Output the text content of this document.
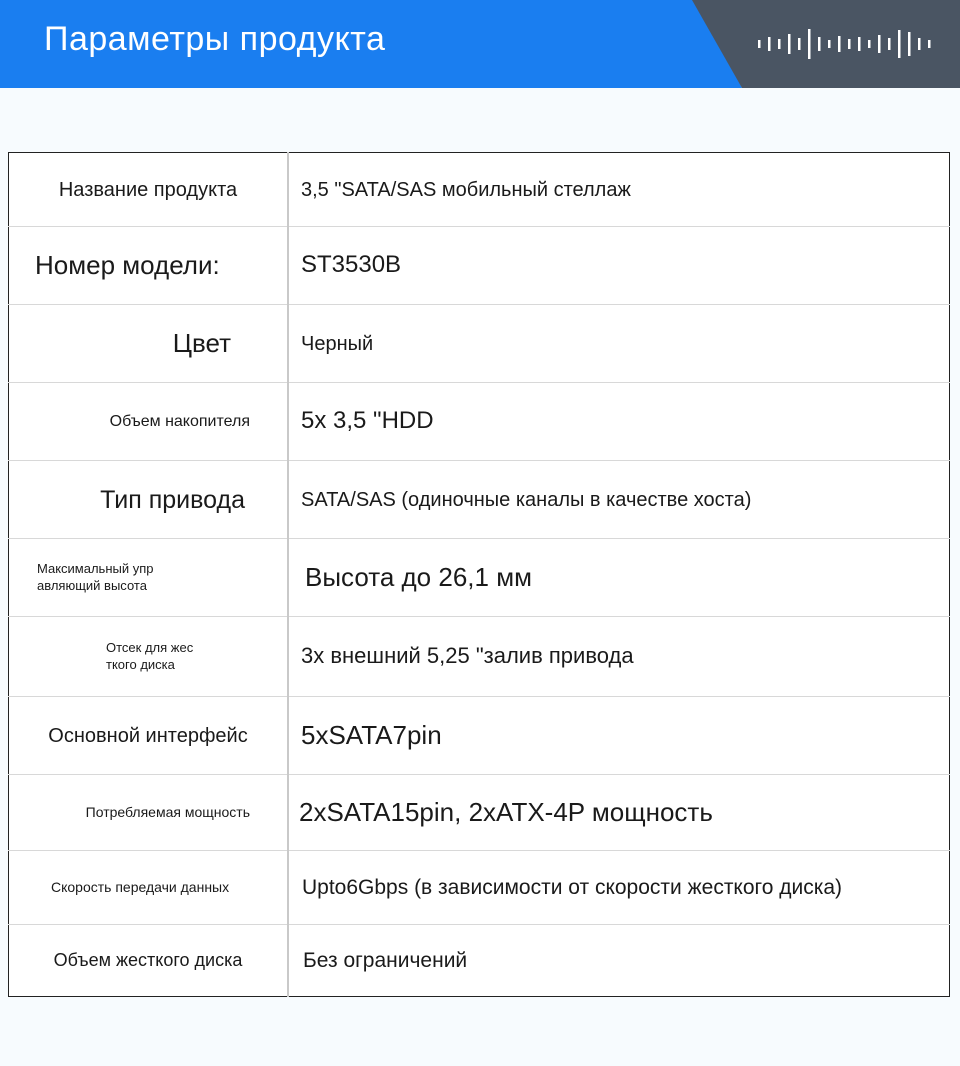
Параметры продукта
Название продукта	3,5 "SATA/SAS мобильный стеллаж

Номер модели:	ST3530B

Цвет	Черный

Объем накопителя	5x 3,5 "HDD

Тип привода	SATA/SAS (одиночные каналы в качестве хоста)

Максимальный упр
авляющий высота	Высота до 26,1 мм

Отсек для жес
ткого диска	3x внешний 5,25 "залив привода

Основной интерфейс	5xSATA7pin

Потребляемая мощность	2xSATA15pin, 2xATX-4P мощность

Скорость передачи данных	Upto6Gbps (в зависимости от скорости жесткого диска)

Объем жесткого диска	Без ограничений
